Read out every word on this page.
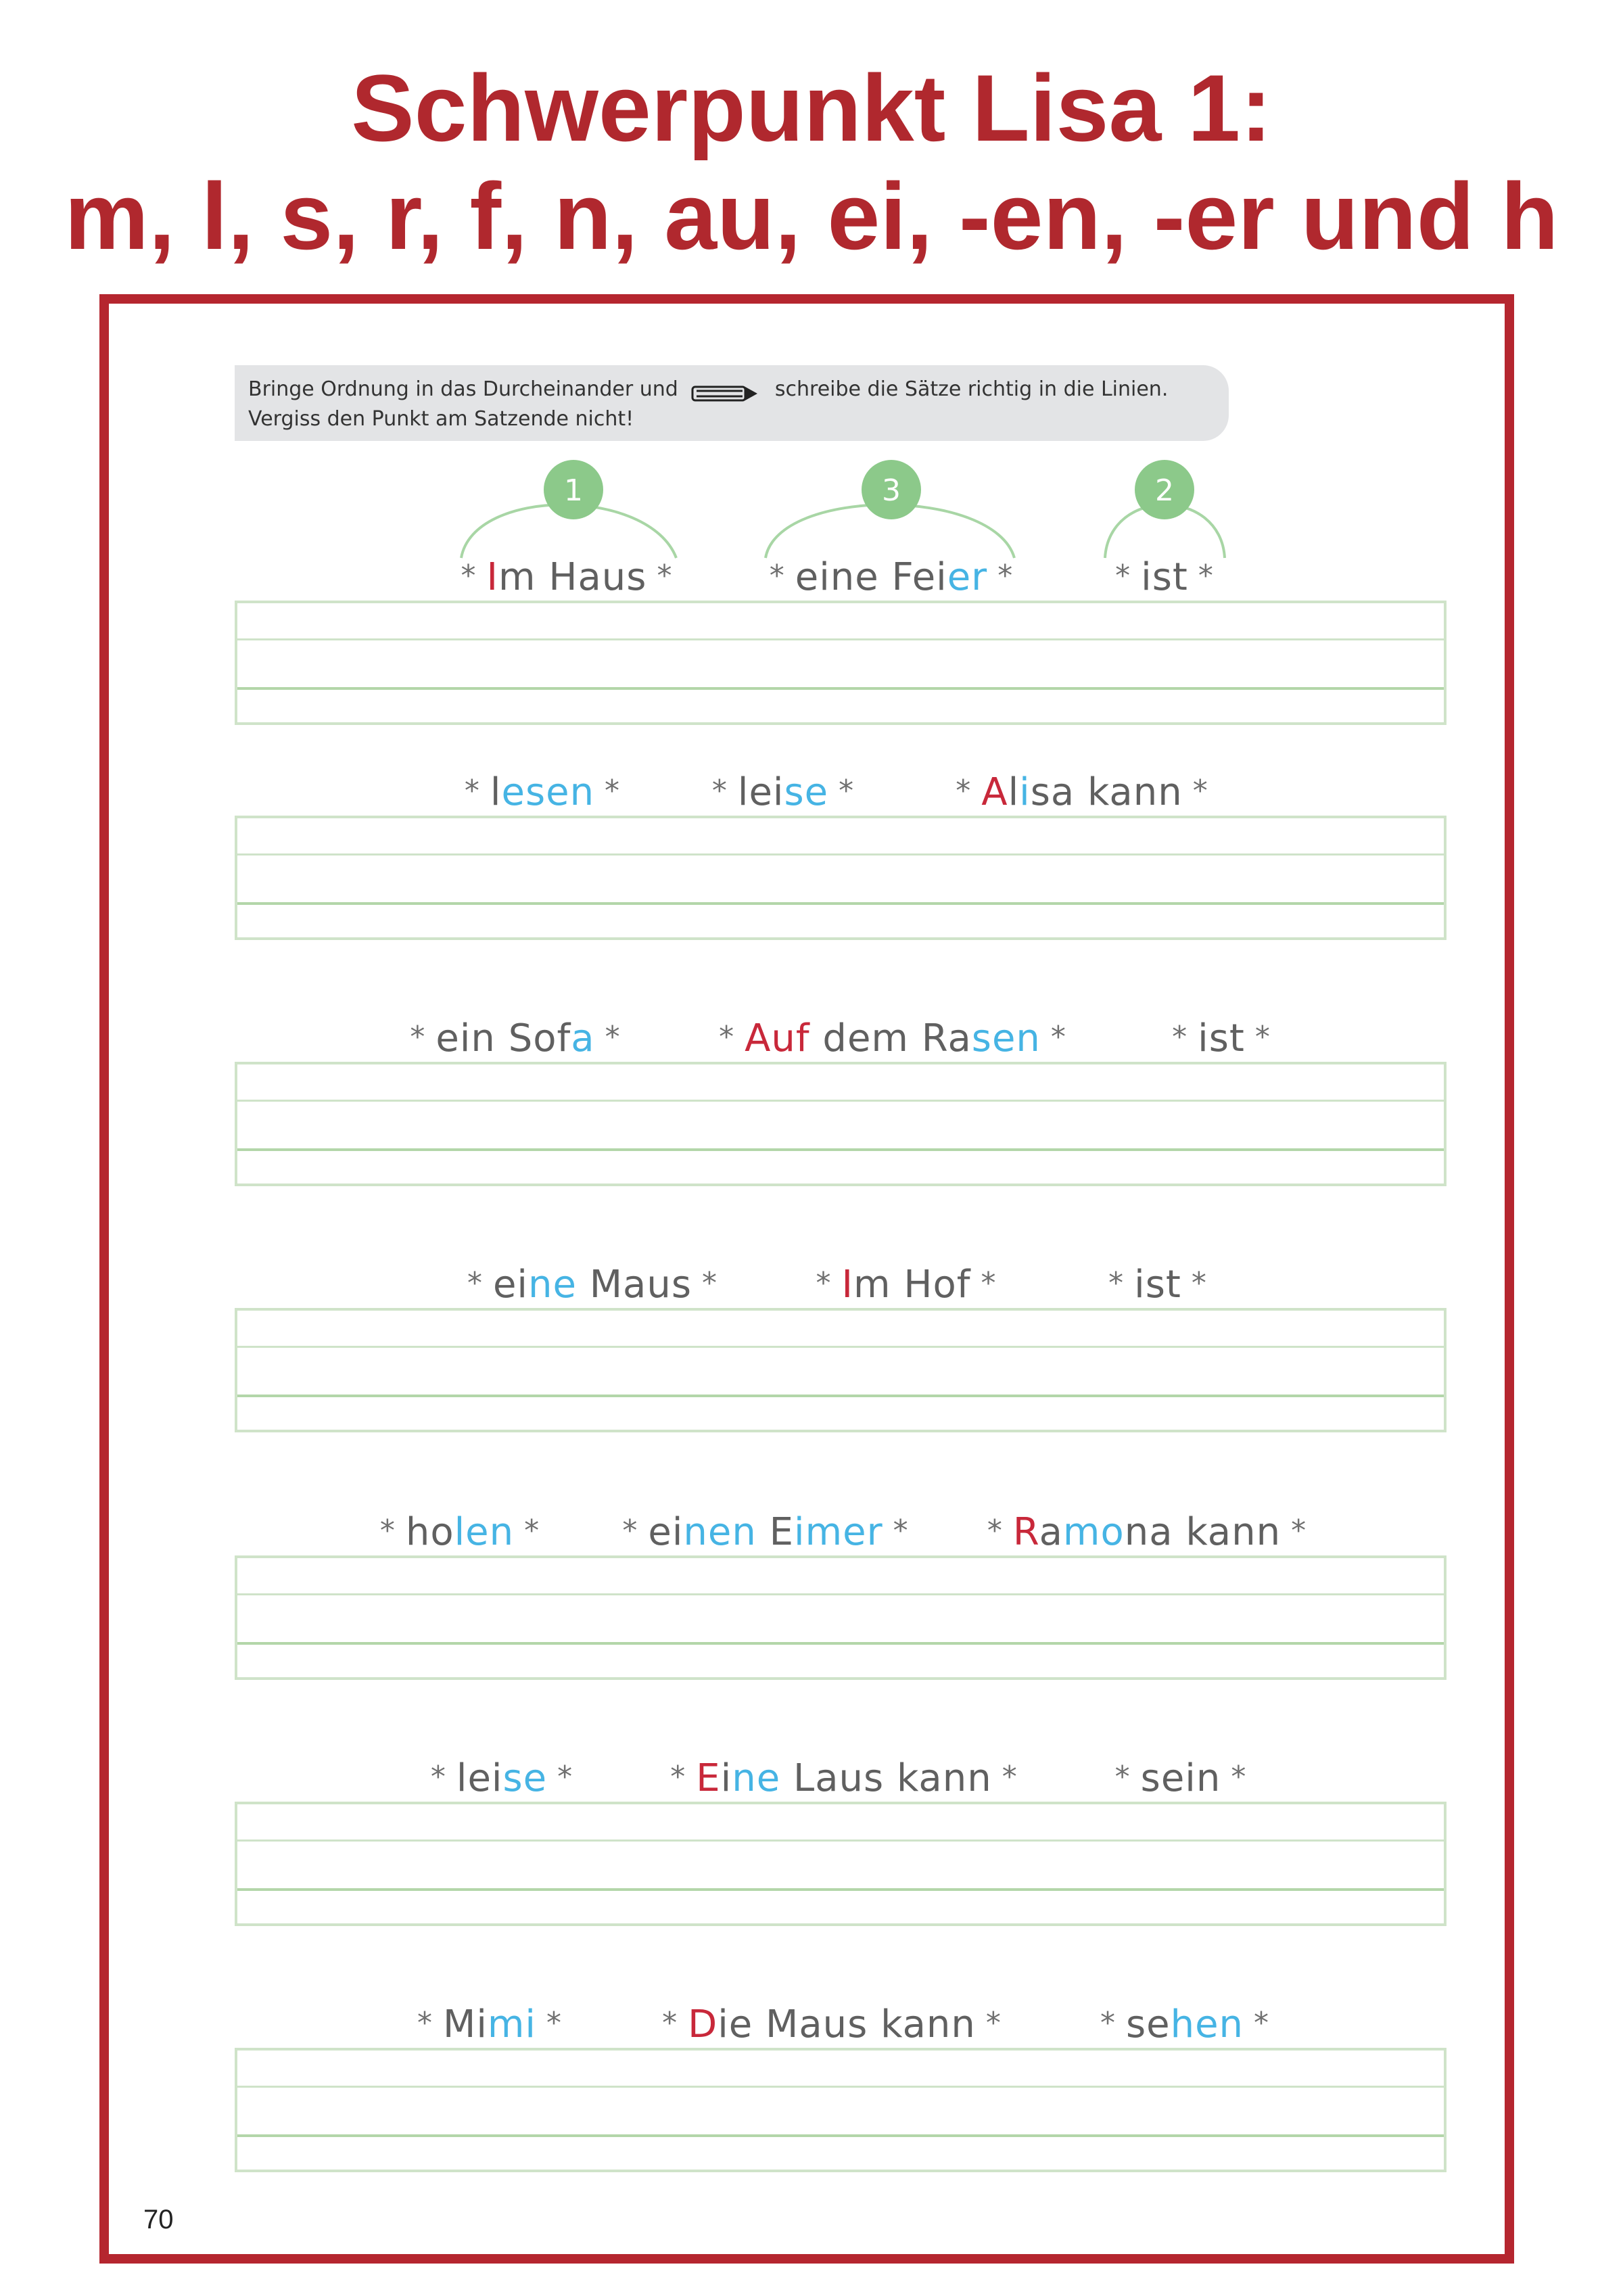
Schwerpunkt Lisa 1:
m, l, s, r, f, n, au, ei, -en, -er und h
Bringe Ordnung in das Durcheinander und	schreibe die Sätze richtig in die Linien.
Vergiss den Punkt am Satzende nicht!
1	3	2
* Im Haus *	* eine Feier *	* ist *
* lesen *	* leise *	* Alisa kann *
* ein Sofa *	* Auf dem Rasen *	* ist *
* eine Maus *	* Im Hof *	* ist *
* holen *	* einen Eimer *	* Ramona kann *
* leise *	* Eine Laus kann *	* sein *
* Mimi *	* Die Maus kann *	* sehen *
70
